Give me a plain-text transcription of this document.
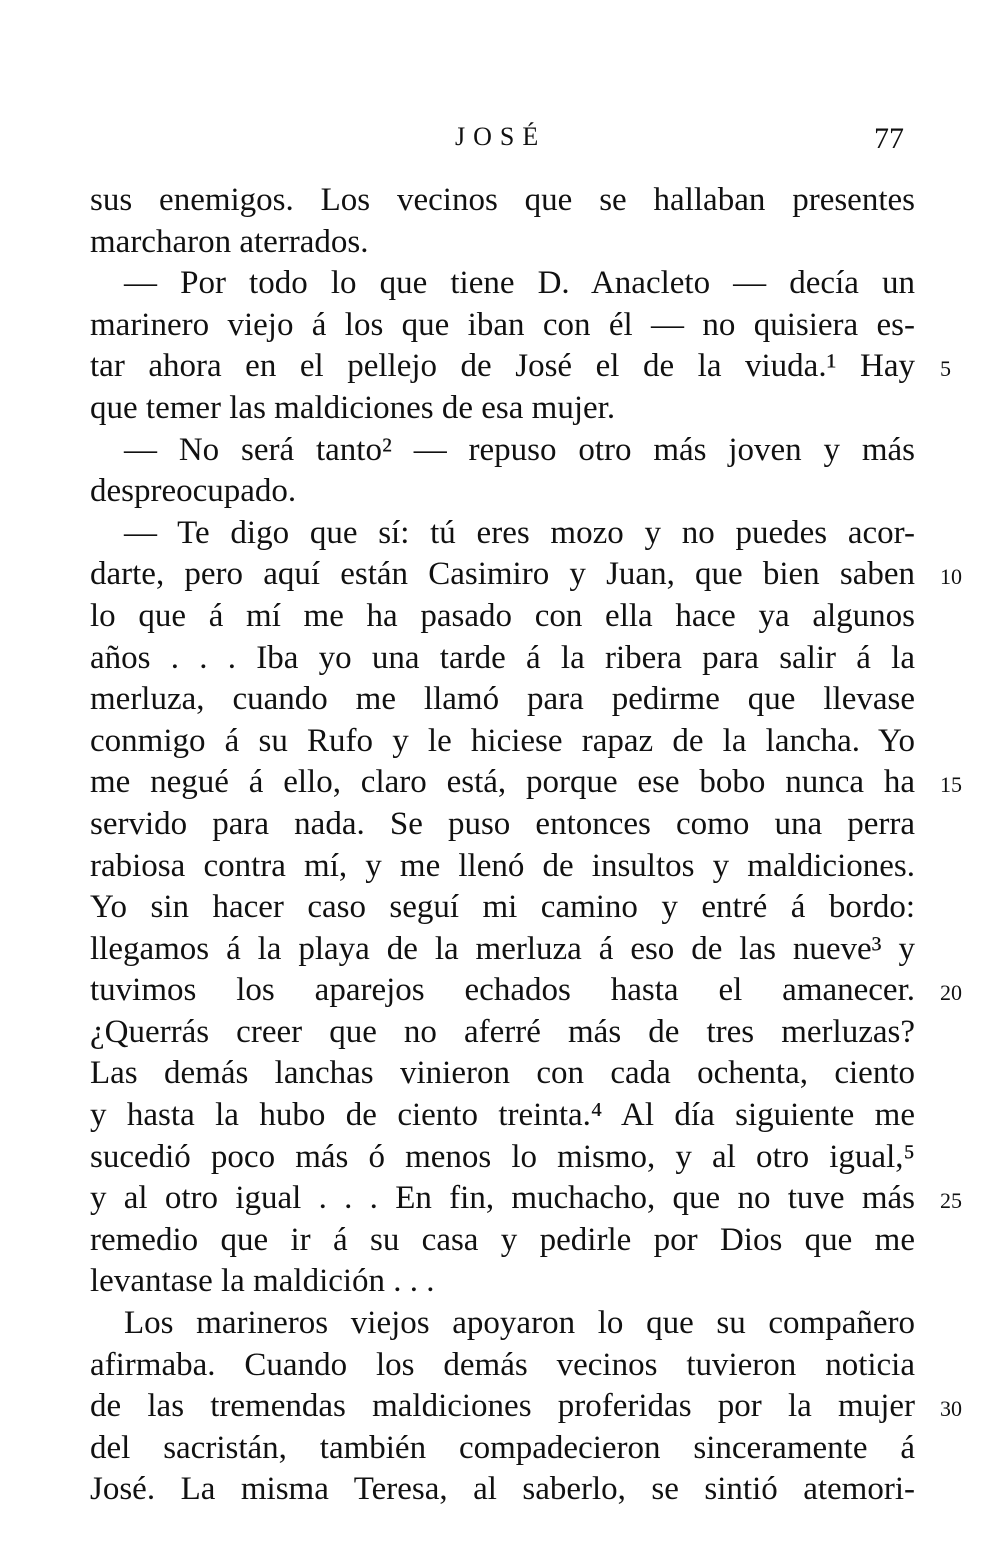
JOSÉ	77
sus enemigos. Los vecinos que se hallaban presentes
marcharon aterrados.
— Por todo lo que tiene D. Anacleto — decía un
marinero viejo á los que iban con él — no quisiera es-
tar ahora en el pellejo de José el de la viuda.¹ Hay 5
que temer las maldiciones de esa mujer.
— No será tanto² — repuso otro más joven y más
despreocupado.
— Te digo que sí: tú eres mozo y no puedes acor-
darte, pero aquí están Casimiro y Juan, que bien saben 10
lo que á mí me ha pasado con ella hace ya algunos
años . . . Iba yo una tarde á la ribera para salir á la
merluza, cuando me llamó para pedirme que llevase
conmigo á su Rufo y le hiciese rapaz de la lancha. Yo
me negué á ello, claro está, porque ese bobo nunca ha 15
servido para nada. Se puso entonces como una perra
rabiosa contra mí, y me llenó de insultos y maldiciones.
Yo sin hacer caso seguí mi camino y entré á bordo:
llegamos á la playa de la merluza á eso de las nueve³ y
tuvimos los aparejos echados hasta el amanecer. 20
¿Querrás creer que no aferré más de tres merluzas?
Las demás lanchas vinieron con cada ochenta, ciento
y hasta la hubo de ciento treinta.⁴ Al día siguiente me
sucedió poco más ó menos lo mismo, y al otro igual,⁵
y al otro igual . . . En fin, muchacho, que no tuve más 25
remedio que ir á su casa y pedirle por Dios que me
levantase la maldición . . .
Los marineros viejos apoyaron lo que su compañero
afirmaba. Cuando los demás vecinos tuvieron noticia
de las tremendas maldiciones proferidas por la mujer 30
del sacristán, también compadecieron sinceramente á
José. La misma Teresa, al saberlo, se sintió atemori-
